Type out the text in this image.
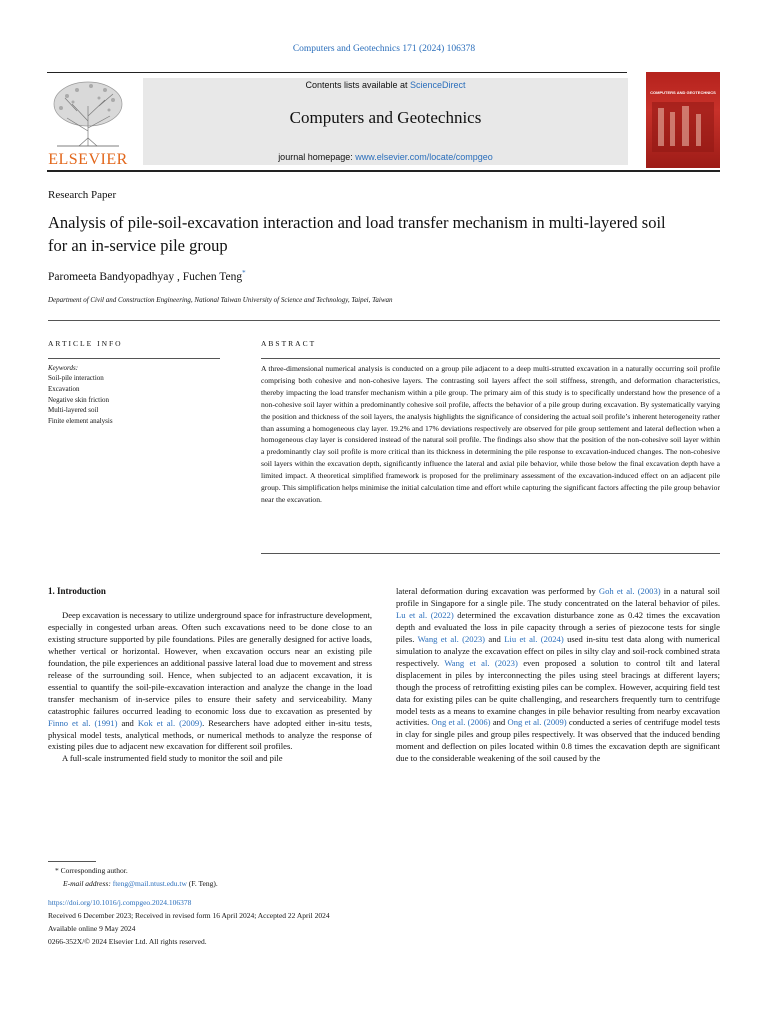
Computers and Geotechnics 171 (2024) 106378
ELSEVIER
Contents lists available at ScienceDirect
Computers and Geotechnics
journal homepage: www.elsevier.com/locate/compgeo
COMPUTERS AND GEOTECHNICS
Research Paper
Analysis of pile-soil-excavation interaction and load transfer mechanism in multi-layered soil for an in-service pile group
Paromeeta Bandyopadhyay , Fuchen Teng*
Department of Civil and Construction Engineering, National Taiwan University of Science and Technology, Taipei, Taiwan
ARTICLE INFO
Keywords:
Soil-pile interaction
Excavation
Negative skin friction
Multi-layered soil
Finite element analysis
ABSTRACT
A three-dimensional numerical analysis is conducted on a group pile adjacent to a deep multi-strutted excavation in a naturally occurring soil profile comprising both cohesive and non-cohesive layers. The contrasting soil layers affect the soil stiffness, strength, and deformation characteristics, thereby impacting the load transfer mechanism within a pile group. The primary aim of this study is to specifically understand how the presence of a non-cohesive soil layer within a predominantly cohesive soil profile, affects the behavior of a pile group during excavation. By systematically varying the position and thickness of the soil layers, the analysis highlights the significance of considering the actual soil profile’s inherent heterogeneity rather than assuming a homogeneous clay layer. 19.2% and 17% deviations respectively are observed for pile group settlement and lateral deflection when a homogeneous clay layer is considered instead of the natural soil profile. The findings also show that the position of the non-cohesive soil layer within a predominantly clay soil profile is more critical than its thickness in determining the pile response to excavation-induced changes. The non-cohesive soil layers within the excavation depth, significantly influence the lateral and axial pile behavior, while those below the final excavation depth have a limited impact. A theoretical simplified framework is proposed for the preliminary assessment of the excavation-induced effect on an adjacent pile group. This simplification helps minimise the initial calculation time and effort while capturing the significant factors affecting the pile group behavior near the excavation.
1. Introduction

Deep excavation is necessary to utilize underground space for infrastructure development, especially in congested urban areas. Often such excavations need to be done close to an existing structure supported by pile foundations. Piles are generally designed for active loads, whether vertical or horizontal. However, when excavation occurs near an existing pile foundation, the pile experiences an additional passive lateral load due to movement and stress release of the surrounding soil. Hence, when subjected to an adjacent excavation, it is essential to quantify the soil-pile-excavation interaction and analyze the change in the load transfer mechanism of in-service piles to ensure their safety and serviceability. Many catastrophic failures occurred leading to economic loss due to excavation as presented by Finno et al. (1991) and Kok et al. (2009). Researchers have adopted either in-situ tests, physical model tests, analytical methods, or numerical methods to analyze the response of existing piles due to adjacent new excavation for different soil profiles.

A full-scale instrumented field study to monitor the soil and pile

lateral deformation during excavation was performed by Goh et al. (2003) in a natural soil profile in Singapore for a single pile. The study concentrated on the lateral behavior of piles. Lu et al. (2022) determined the excavation disturbance zone as 0.42 times the excavation depth and evaluated the loss in pile capacity through a series of piezocone tests for single piles. Wang et al. (2023) and Liu et al. (2024) used in-situ test data along with numerical simulation to analyze the excavation effect on piles in silty clay and soil-rock combined strata respectively. Wang et al. (2023) even proposed a solution to control tilt and lateral displacement in piles by interconnecting the piles using steel bracings at different layers; though the process of retrofitting existing piles can be complex. However, acquiring field test data for existing piles can be quite challenging, and researchers frequently turn to centrifuge model tests as a means to examine changes in pile behavior resulting from nearby excavation activities. Ong et al. (2006) and Ong et al. (2009) conducted a series of centrifuge model tests in clay for single piles and group piles respectively. It was observed that the induced bending moment and deflection on piles located within 0.8 times the excavation depth are significant due to the considerable weakening of the soil caused by the

* Corresponding author.
E-mail address: fteng@mail.ntust.edu.tw (F. Teng).
https://doi.org/10.1016/j.compgeo.2024.106378
Received 6 December 2023; Received in revised form 16 April 2024; Accepted 22 April 2024
Available online 9 May 2024
0266-352X/© 2024 Elsevier Ltd. All rights reserved.
